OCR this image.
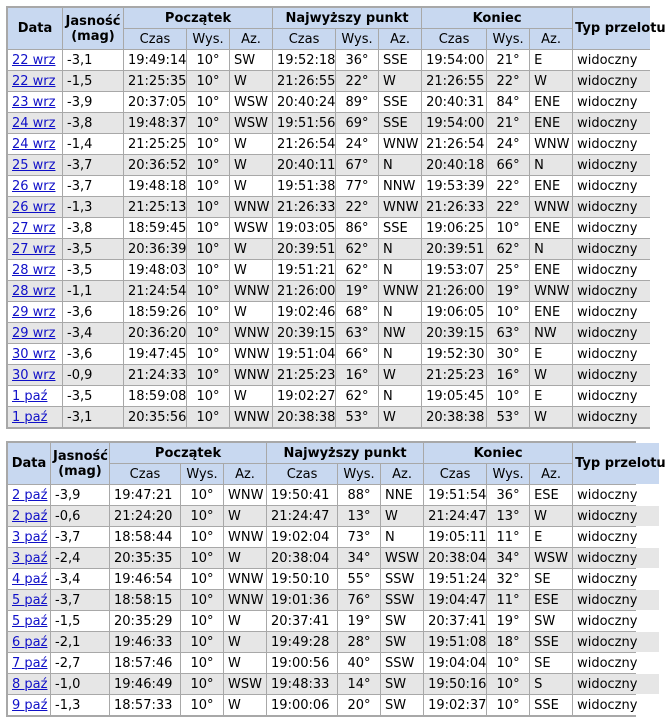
Data	Jasność
(mag)	Początek			Najwyższy punkt			Koniec			Typ przelotu
		Czas	Wys.	Az.	Czas	Wys.	Az.	Czas	Wys.	Az.	
22 wrz	-3,1	19:49:14	10°	SW	19:52:18	36°	SSE	19:54:00	21°	E	widoczny
22 wrz	-1,5	21:25:35	10°	W	21:26:55	22°	W	21:26:55	22°	W	widoczny
23 wrz	-3,9	20:37:05	10°	WSW	20:40:24	89°	SSE	20:40:31	84°	ENE	widoczny
24 wrz	-3,8	19:48:37	10°	WSW	19:51:56	69°	SSE	19:54:00	21°	ENE	widoczny
24 wrz	-1,4	21:25:25	10°	W	21:26:54	24°	WNW	21:26:54	24°	WNW	widoczny
25 wrz	-3,7	20:36:52	10°	W	20:40:11	67°	N	20:40:18	66°	N	widoczny
26 wrz	-3,7	19:48:18	10°	W	19:51:38	77°	NNW	19:53:39	22°	ENE	widoczny
26 wrz	-1,3	21:25:13	10°	WNW	21:26:33	22°	WNW	21:26:33	22°	WNW	widoczny
27 wrz	-3,8	18:59:45	10°	WSW	19:03:05	86°	SSE	19:06:25	10°	ENE	widoczny
27 wrz	-3,5	20:36:39	10°	W	20:39:51	62°	N	20:39:51	62°	N	widoczny
28 wrz	-3,5	19:48:03	10°	W	19:51:21	62°	N	19:53:07	25°	ENE	widoczny
28 wrz	-1,1	21:24:54	10°	WNW	21:26:00	19°	WNW	21:26:00	19°	WNW	widoczny
29 wrz	-3,6	18:59:26	10°	W	19:02:46	68°	N	19:06:05	10°	ENE	widoczny
29 wrz	-3,4	20:36:20	10°	WNW	20:39:15	63°	NW	20:39:15	63°	NW	widoczny
30 wrz	-3,6	19:47:45	10°	WNW	19:51:04	66°	N	19:52:30	30°	E	widoczny
30 wrz	-0,9	21:24:33	10°	WNW	21:25:23	16°	W	21:25:23	16°	W	widoczny
1 paź	-3,5	18:59:08	10°	W	19:02:27	62°	N	19:05:45	10°	E	widoczny
1 paź	-3,1	20:35:56	10°	WNW	20:38:38	53°	W	20:38:38	53°	W	widoczny
Data	Jasność
(mag)	Początek			Najwyższy punkt			Koniec			Typ przelotu
		Czas	Wys.	Az.	Czas	Wys.	Az.	Czas	Wys.	Az.	
2 paź	-3,9	19:47:21	10°	WNW	19:50:41	88°	NNE	19:51:54	36°	ESE	widoczny
2 paź	-0,6	21:24:20	10°	W	21:24:47	13°	W	21:24:47	13°	W	widoczny
3 paź	-3,7	18:58:44	10°	WNW	19:02:04	73°	N	19:05:11	11°	E	widoczny
3 paź	-2,4	20:35:35	10°	W	20:38:04	34°	WSW	20:38:04	34°	WSW	widoczny
4 paź	-3,4	19:46:54	10°	WNW	19:50:10	55°	SSW	19:51:24	32°	SE	widoczny
5 paź	-3,7	18:58:15	10°	WNW	19:01:36	76°	SSW	19:04:47	11°	ESE	widoczny
5 paź	-1,5	20:35:29	10°	W	20:37:41	19°	SW	20:37:41	19°	SW	widoczny
6 paź	-2,1	19:46:33	10°	W	19:49:28	28°	SW	19:51:08	18°	SSE	widoczny
7 paź	-2,7	18:57:46	10°	W	19:00:56	40°	SSW	19:04:04	10°	SE	widoczny
8 paź	-1,0	19:46:49	10°	WSW	19:48:33	14°	SW	19:50:16	10°	S	widoczny
9 paź	-1,3	18:57:33	10°	W	19:00:06	20°	SW	19:02:37	10°	SSE	widoczny
